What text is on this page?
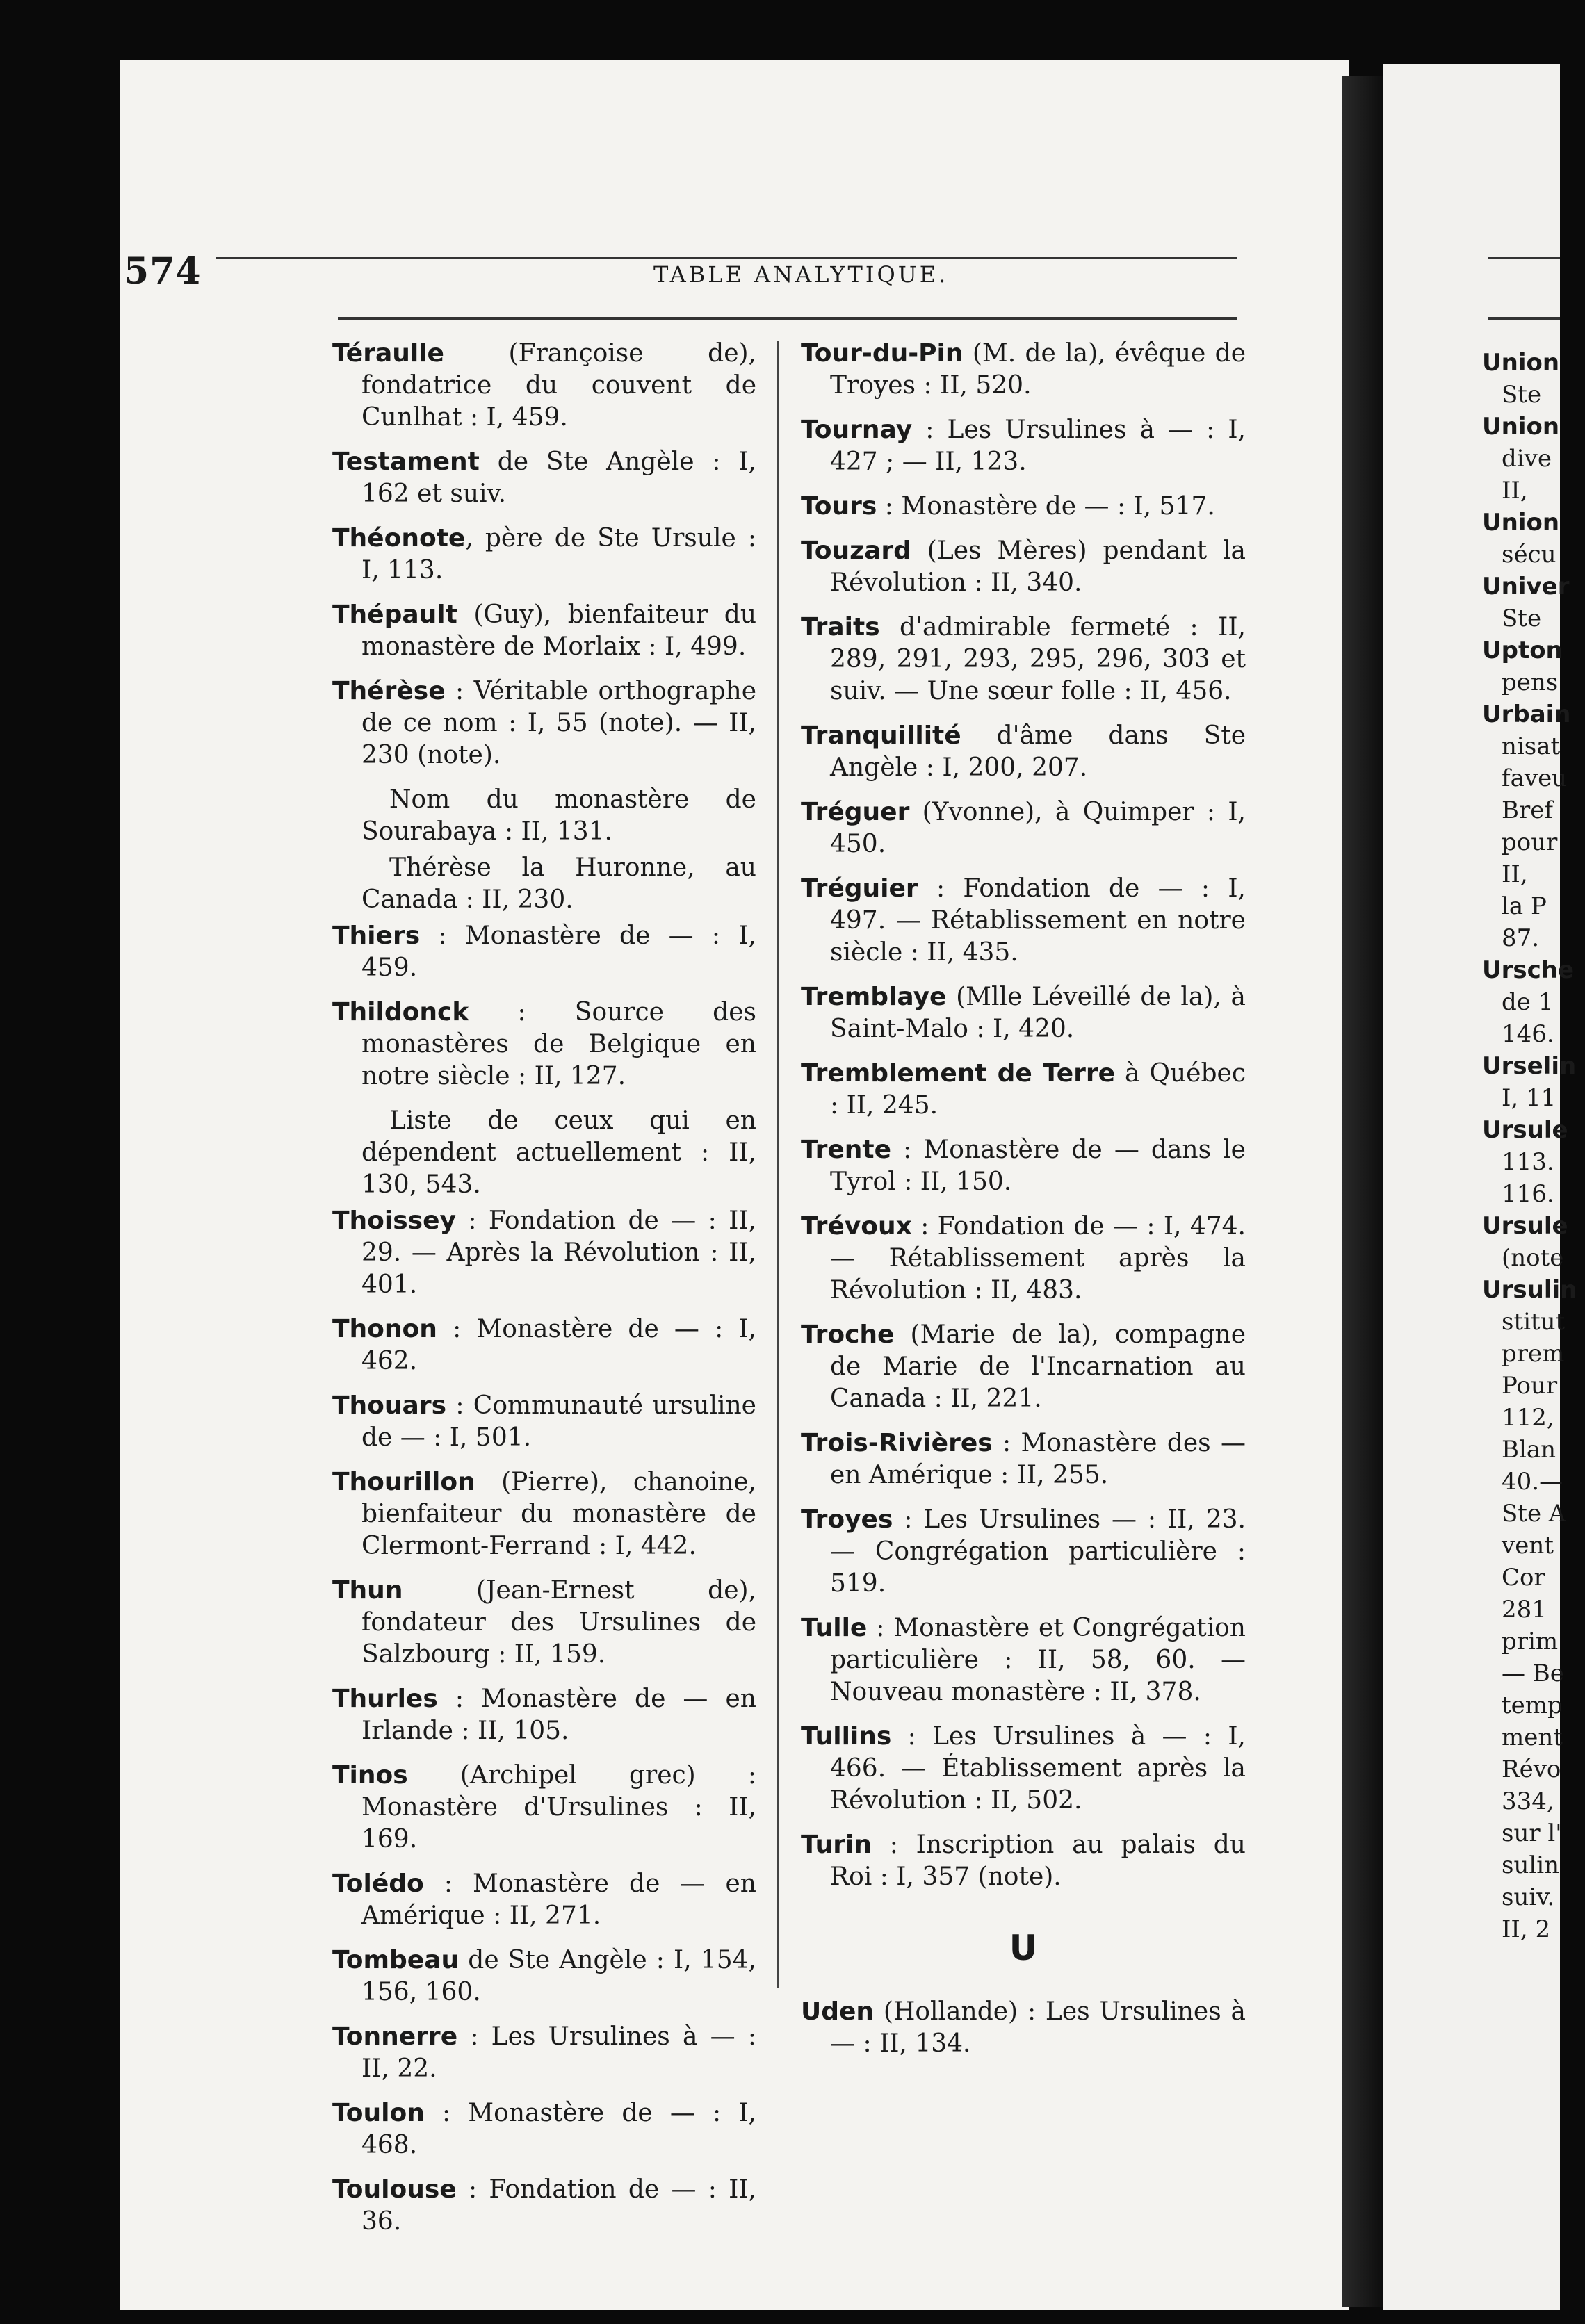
574	TABLE ANALYTIQUE.
Téraulle (Françoise de), fondatrice du couvent de Cunlhat : I, 459.
Testament de Ste Angèle : I, 162 et suiv.
Théonote, père de Ste Ursule : I, 113.
Thépault (Guy), bienfaiteur du monastère de Morlaix : I, 499.
Thérèse : Véritable orthographe de ce nom : I, 55 (note). — II, 230 (note).
Nom du monastère de Sourabaya : II, 131.
Thérèse la Huronne, au Canada : II, 230.
Thiers : Monastère de — : I, 459.
Thildonck : Source des monastères de Belgique en notre siècle : II, 127.
Liste de ceux qui en dépendent actuellement : II, 130, 543.
Thoissey : Fondation de — : II, 29. — Après la Révolution : II, 401.
Thonon : Monastère de — : I, 462.
Thouars : Communauté ursuline de — : I, 501.
Thourillon (Pierre), chanoine, bienfaiteur du monastère de Clermont-Ferrand : I, 442.
Thun (Jean-Ernest de), fondateur des Ursulines de Salzbourg : II, 159.
Thurles : Monastère de — en Irlande : II, 105.
Tinos (Archipel grec) : Monastère d'Ursulines : II, 169.
Tolédo : Monastère de — en Amérique : II, 271.
Tombeau de Ste Angèle : I, 154, 156, 160.
Tonnerre : Les Ursulines à — : II, 22.
Toulon : Monastère de — : I, 468.
Toulouse : Fondation de — : II, 36.
Tour-du-Pin (M. de la), évêque de Troyes : II, 520.
Tournay : Les Ursulines à — : I, 427 ; — II, 123.
Tours : Monastère de — : I, 517.
Touzard (Les Mères) pendant la Révolution : II, 340.
Traits d'admirable fermeté : II, 289, 291, 293, 295, 296, 303 et suiv. — Une sœur folle : II, 456.
Tranquillité d'âme dans Ste Angèle : I, 200, 207.
Tréguer (Yvonne), à Quimper : I, 450.
Tréguier : Fondation de — : I, 497. — Rétablissement en notre siècle : II, 435.
Tremblaye (Mlle Léveillé de la), à Saint-Malo : I, 420.
Tremblement de Terre à Québec : II, 245.
Trente : Monastère de — dans le Tyrol : II, 150.
Trévoux : Fondation de — : I, 474. — Rétablissement après la Révolution : II, 483.
Troche (Marie de la), compagne de Marie de l'Incarnation au Canada : II, 221.
Trois-Rivières : Monastère des — en Amérique : II, 255.
Troyes : Les Ursulines — : II, 23. — Congrégation particulière : 519.
Tulle : Monastère et Congrégation particulière : II, 58, 60. — Nouveau monastère : II, 378.
Tullins : Les Ursulines à — : I, 466. — Établissement après la Révolution : II, 502.
Turin : Inscription au palais du Roi : I, 357 (note).
U
Uden (Hollande) : Les Ursulines à — : II, 134.
Union
Ste
Union
dive
II,
Union
sécu
Univer
Ste
Upton
pens
Urbain
nisat
faveu
Bref
pour
II,
la P
87.
Ursche
de 1
146.
Urselin
I, 11
Ursule
113.
116.
Ursule
(note
Ursulin
stitut
prem
Pour
112,
Blan
40.—
Ste A
vent
Cor
281
prim
— Be
temp
ment
Révo
334,
sur l'
sulin
suiv.
II, 2
